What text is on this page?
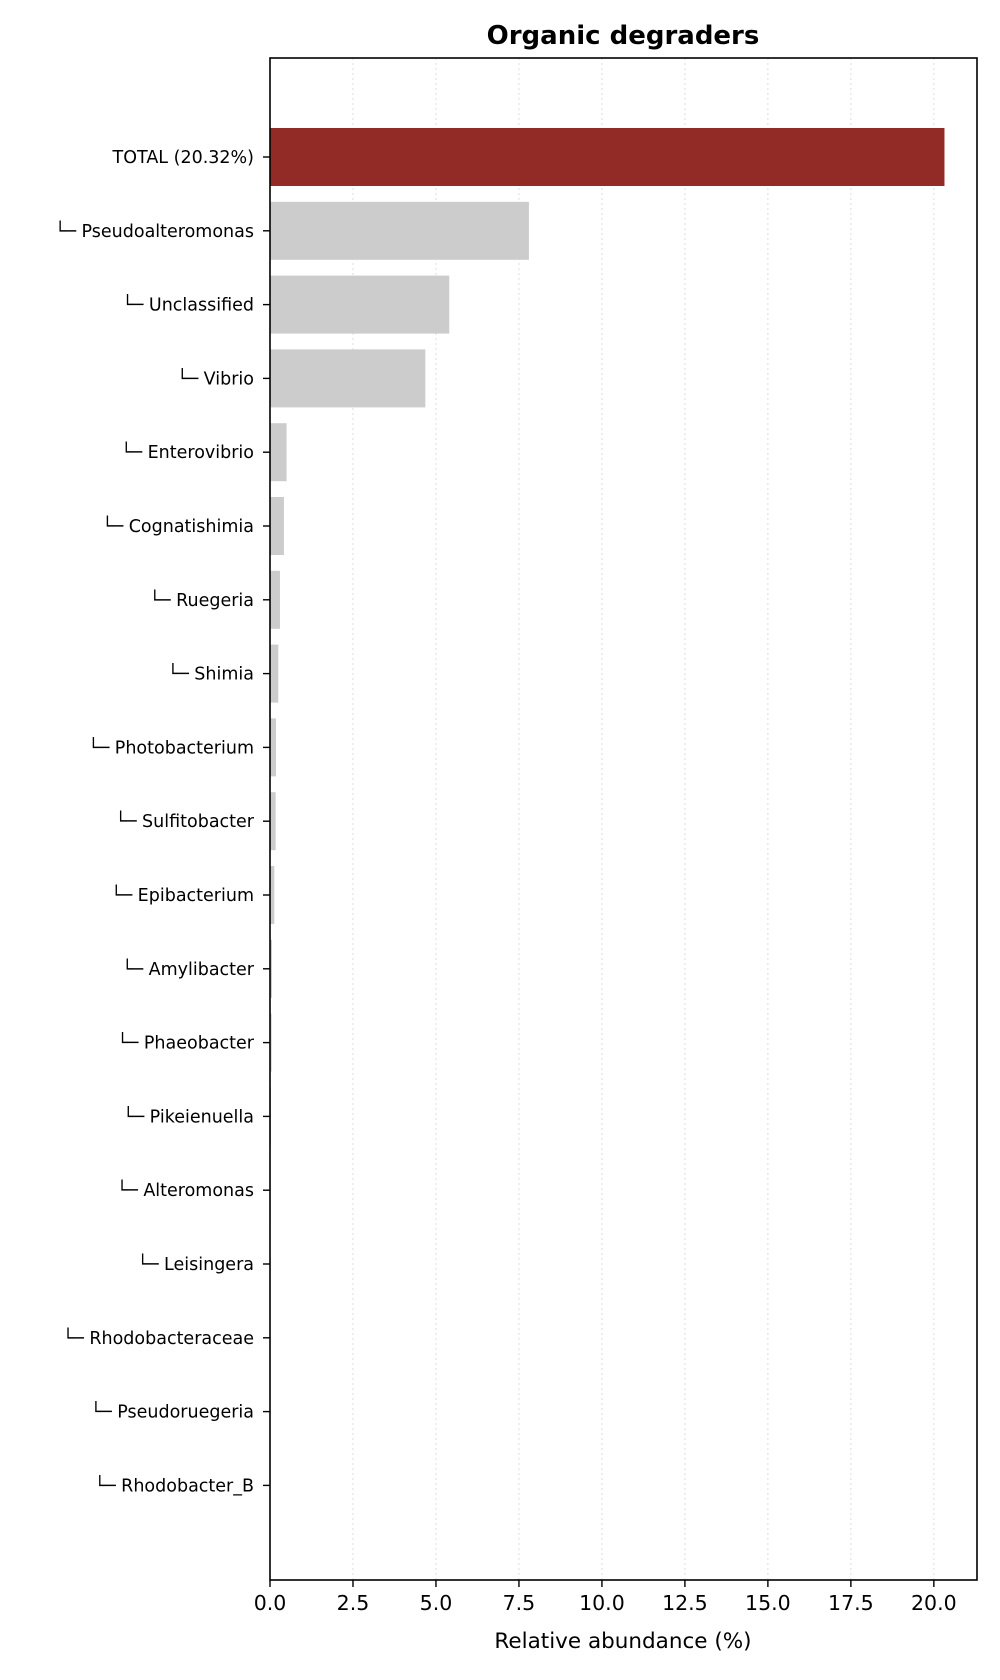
TOTAL (20.32%)
└─ Pseudoalteromonas
└─ Unclassified
└─ Vibrio
└─ Enterovibrio
└─ Cognatishimia
└─ Ruegeria
└─ Shimia
└─ Photobacterium
└─ Sulfitobacter
└─ Epibacterium
└─ Amylibacter
└─ Phaeobacter
└─ Pikeienuella
└─ Alteromonas
└─ Leisingera
└─ Rhodobacteraceae
└─ Pseudoruegeria
└─ Rhodobacter_B
0.0 2.5 5.0 7.5 10.0 12.5 15.0 17.5 20.0
Organic degraders
Relative abundance (%)
